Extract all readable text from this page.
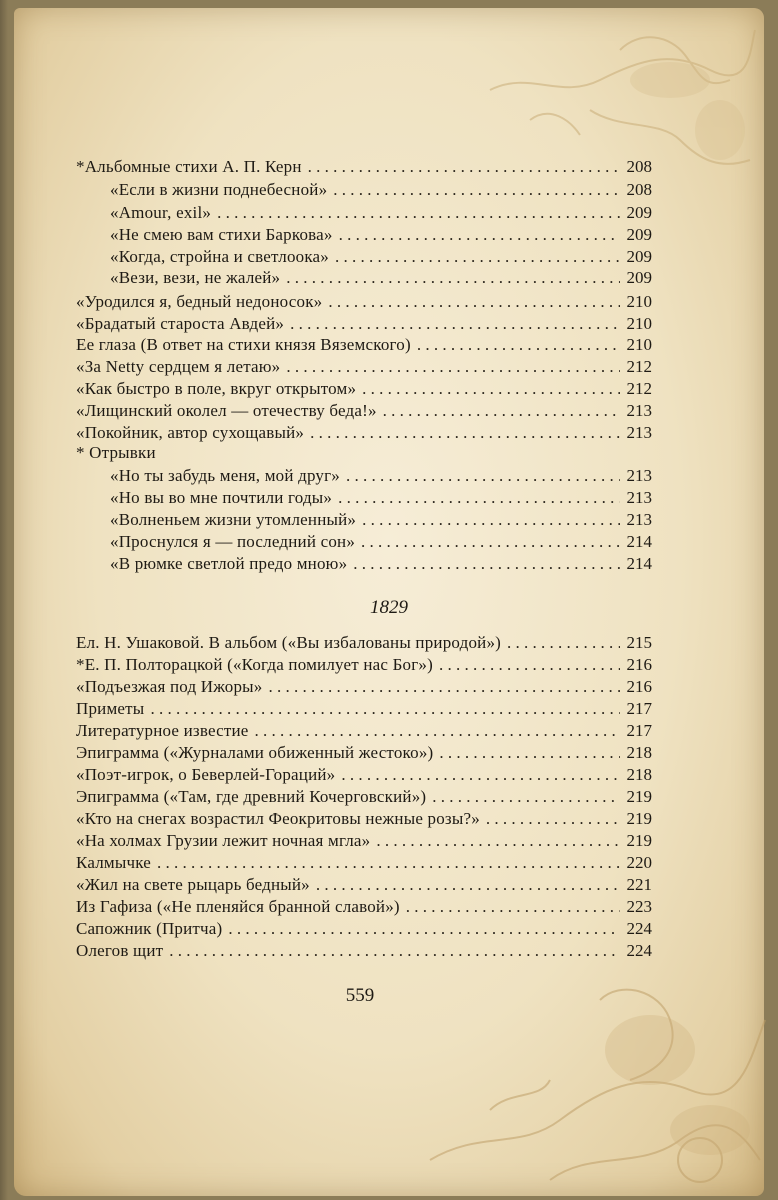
*Альбомные стихи А. П. Керн . . .	208
«Если в жизни поднебесной» . . .	208
«Amour, exil» . . .	209
«Не смею вам стихи Баркова» . . .	209
«Когда, стройна и светлоока» . . .	209
«Вези, вези, не жалей» . . .	209
«Уродился я, бедный недоносок» . . .	210
«Брадатый староста Авдей» . . .	210
Ее глаза (В ответ на стихи князя Вяземского) . . .	210
«За Netty сердцем я летаю» . . .	212
«Как быстро в поле, вкруг открытом» . . .	212
«Лищинский околел — отечеству беда!» . . .	213
«Покойник, автор сухощавый» . . .	213
* Отрывки
«Но ты забудь меня, мой друг» . . .	213
«Но вы во мне почтили годы» . . .	213
«Волненьем жизни утомленный» . . .	213
«Проснулся я — последний сон» . . .	214
«В рюмке светлой предо мною» . . .	214
1829
Ел. Н. Ушаковой. В альбом («Вы избалованы природой») . . .	215
*Е. П. Полторацкой («Когда помилует нас Бог») . . .	216
«Подъезжая под Ижоры» . . .	216
Приметы . . .	217
Литературное известие . . .	217
Эпиграмма («Журналами обиженный жестоко») . . .	218
«Поэт-игрок, о Беверлей-Гораций» . . .	218
Эпиграмма («Там, где древний Кочерговский») . . .	219
«Кто на снегах возрастил Феокритовы нежные розы?» . . .	219
«На холмах Грузии лежит ночная мгла» . . .	219
Калмычке . . .	220
«Жил на свете рыцарь бедный» . . .	221
Из Гафиза («Не пленяйся бранной славой») . . .	223
Сапожник (Притча) . . .	224
Олегов щит . . .	224
559
